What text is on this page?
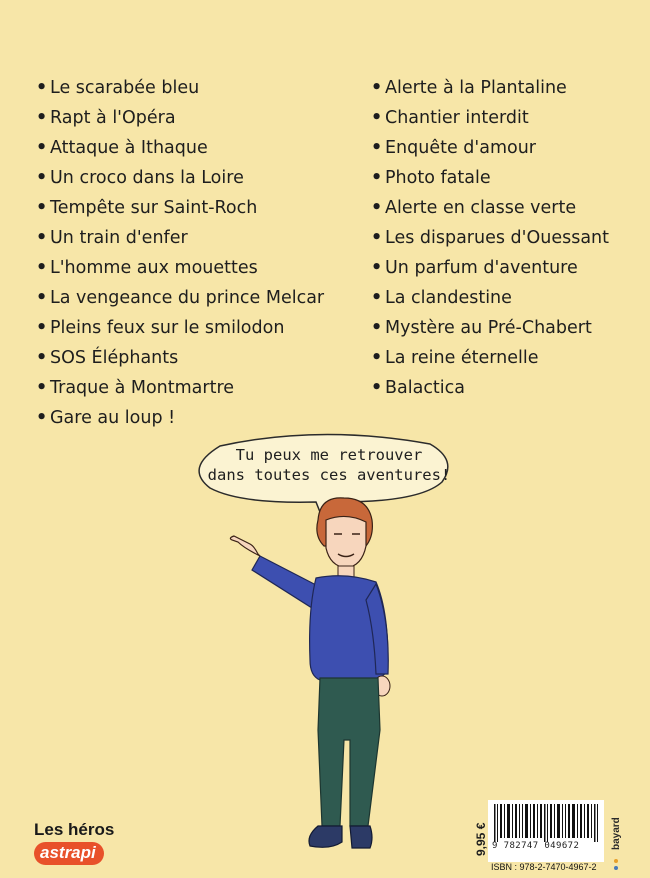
• Le scarabée bleu
• Rapt à l'Opéra
• Attaque à Ithaque
• Un croco dans la Loire
• Tempête sur Saint-Roch
• Un train d'enfer
• L'homme aux mouettes
• La vengeance du prince Melcar
• Pleins feux sur le smilodon
• SOS Éléphants
• Traque à Montmartre
• Gare au loup !
• Alerte à la Plantaline
• Chantier interdit
• Enquête d'amour
• Photo fatale
• Alerte en classe verte
• Les disparues d'Ouessant
• Un parfum d'aventure
• La clandestine
• Mystère au Pré-Chabert
• La reine éternelle
• Balactica
Tu peux me retrouver
dans toutes ces aventures!
Les héros
astrapi	9,95 € 9 782747 049672
ISBN : 978-2-7470-4967-2
bayard
